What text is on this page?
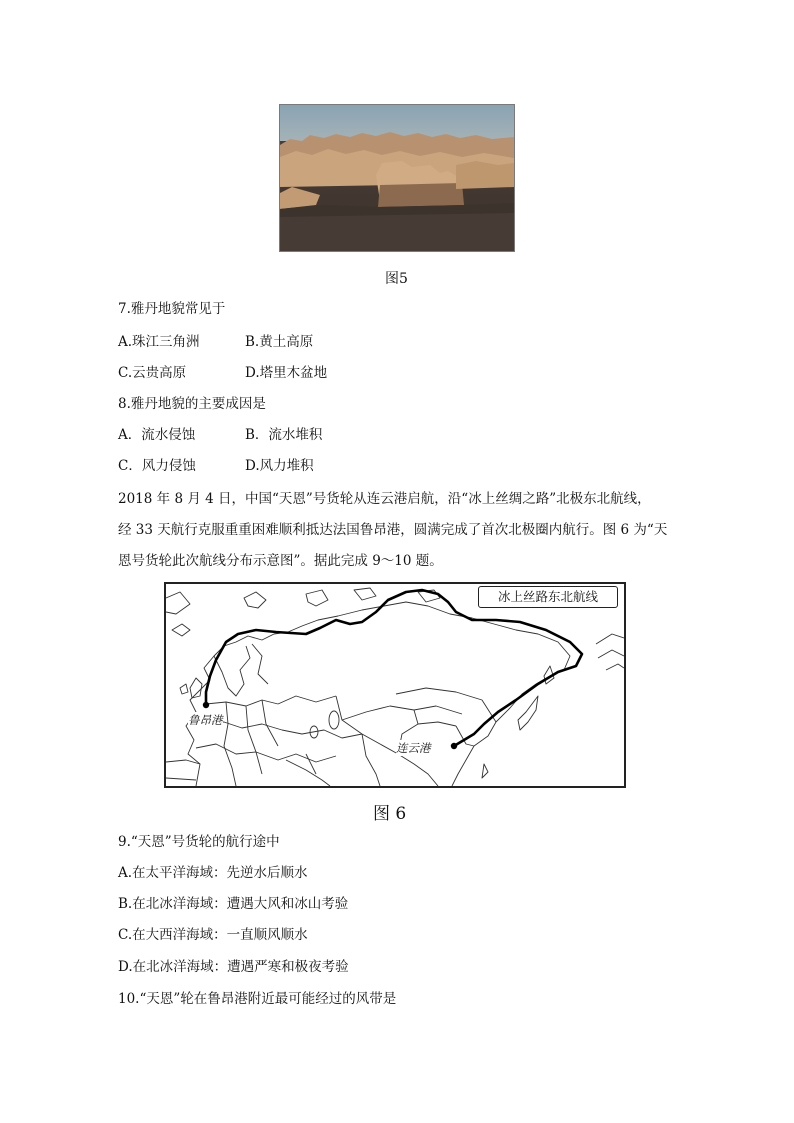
图5
7.雅丹地貌常见于
A.珠江三角洲	B.黄土高原
C.云贵高原	D.塔里木盆地
8.雅丹地貌的主要成因是
A．流水侵蚀	B．流水堆积
C．风力侵蚀	D.风力堆积
2018 年 8 月 4 日，中国“天恩”号货轮从连云港启航，沿“冰上丝绸之路”北极东北航线，
经 33 天航行克服重重困难顺利抵达法国鲁昂港，圆满完成了首次北极圈内航行。图 6 为“天
恩号货轮此次航线分布示意图”。据此完成 9～10 题。
冰上丝路东北航线
鲁昂港
连云港
图 6
9.“天恩”号货轮的航行途中
A.在太平洋海域：先逆水后顺水
B.在北冰洋海域：遭遇大风和冰山考验
C.在大西洋海域：一直顺风顺水
D.在北冰洋海域：遭遇严寒和极夜考验
10.“天恩”轮在鲁昂港附近最可能经过的风带是
